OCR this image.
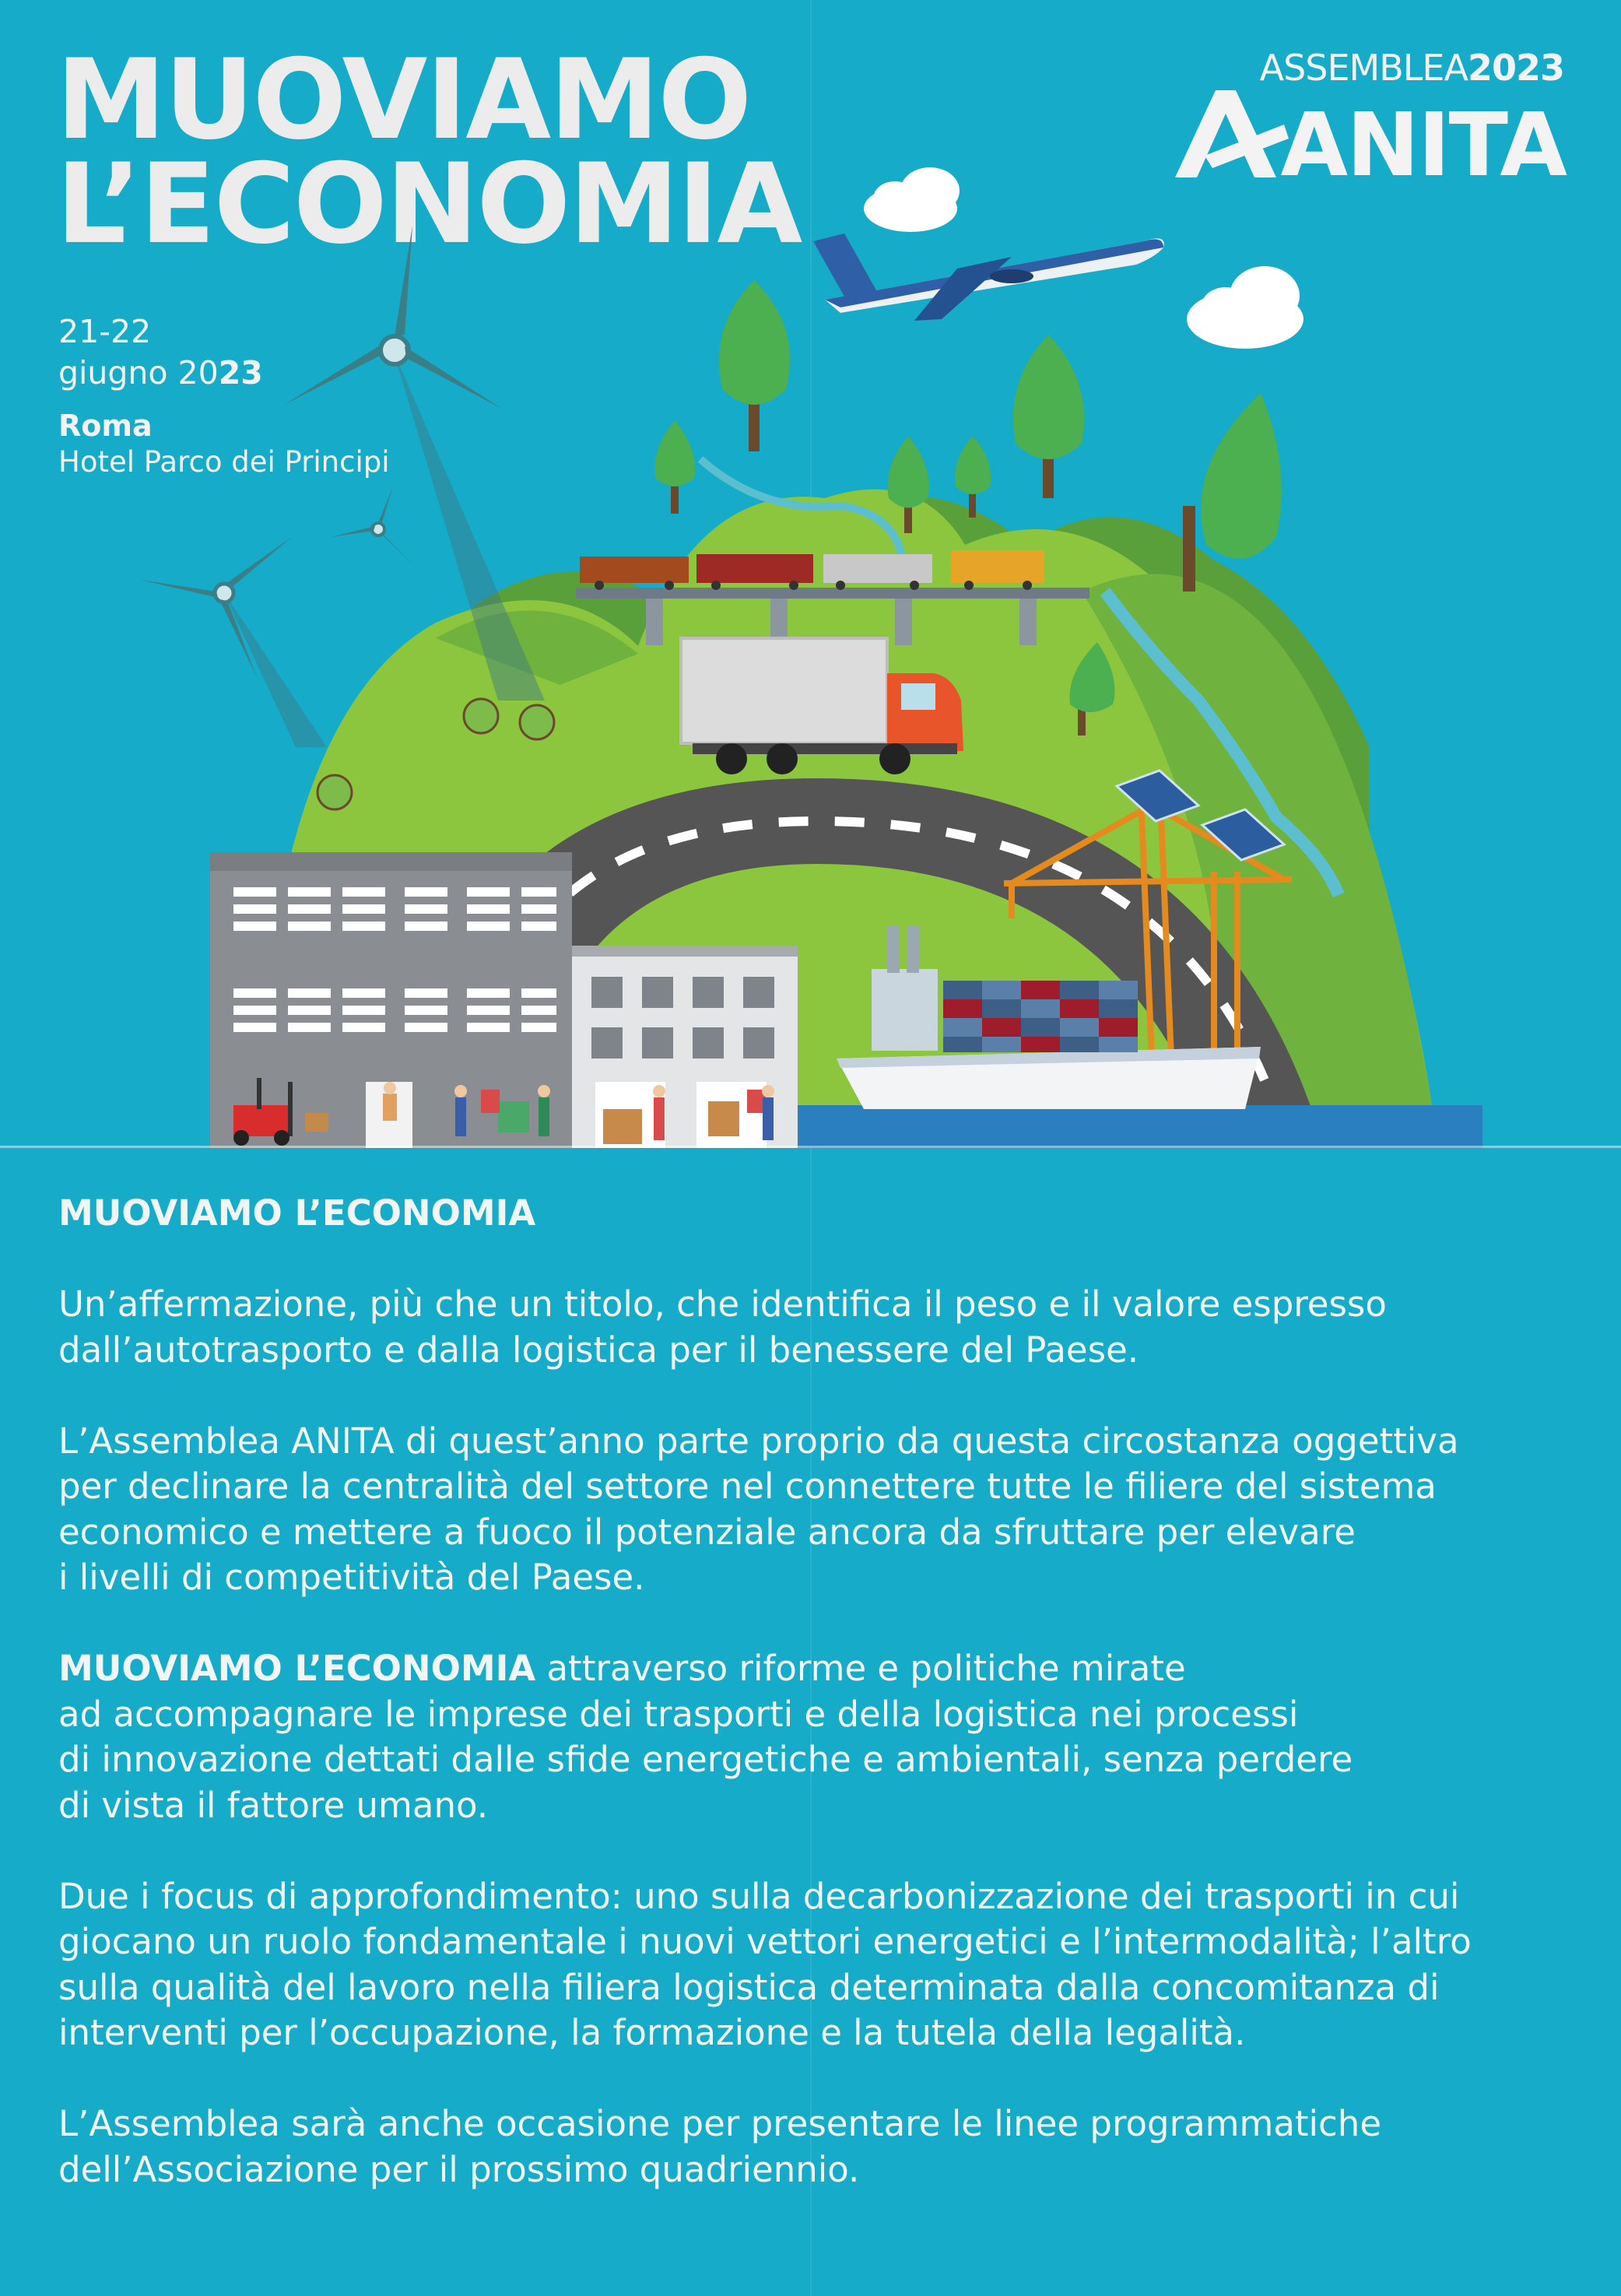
MUOVIAMO
L’ECONOMIA
21-22
giugno 2023
Roma
Hotel Parco dei Principi
ASSEMBLEA2023
ANITA

MUOVIAMO L’ECONOMIA

Un’affermazione, più che un titolo, che identifica il peso e il valore espresso
dall’autotrasporto e dalla logistica per il benessere del Paese.

L’Assemblea ANITA di quest’anno parte proprio da questa circostanza oggettiva
per declinare la centralità del settore nel connettere tutte le filiere del sistema
economico e mettere a fuoco il potenziale ancora da sfruttare per elevare
i livelli di competitività del Paese.

MUOVIAMO L’ECONOMIA attraverso riforme e politiche mirate
ad accompagnare le imprese dei trasporti e della logistica nei processi
di innovazione dettati dalle sfide energetiche e ambientali, senza perdere
di vista il fattore umano.

Due i focus di approfondimento: uno sulla decarbonizzazione dei trasporti in cui
giocano un ruolo fondamentale i nuovi vettori energetici e l’intermodalità; l’altro
sulla qualità del lavoro nella filiera logistica determinata dalla concomitanza di
interventi per l’occupazione, la formazione e la tutela della legalità.

L’Assemblea sarà anche occasione per presentare le linee programmatiche
dell’Associazione per il prossimo quadriennio.
